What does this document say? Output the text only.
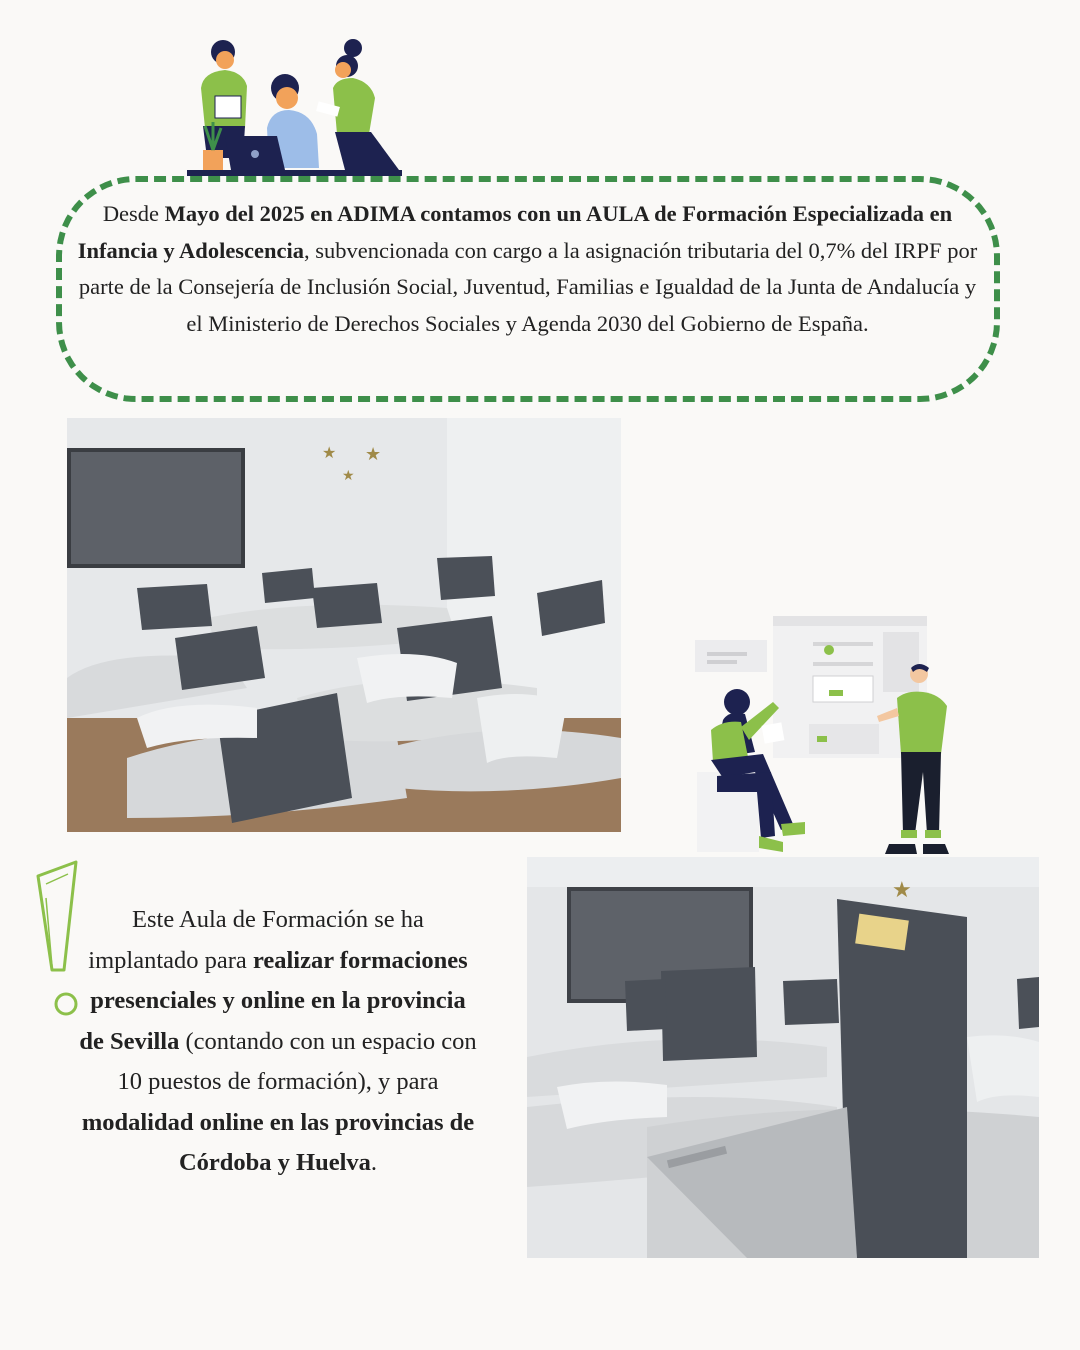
Desde Mayo del 2025 en ADIMA contamos con un AULA de Formación Especializada en Infancia y Adolescencia, subvencionada con cargo a la asignación tributaria del 0,7% del IRPF por parte de la Consejería de Inclusión Social, Juventud, Familias e Igualdad de la Junta de Andalucía y el Ministerio de Derechos Sociales y Agenda 2030 del Gobierno de España.
★ ★
★
Este Aula de Formación se ha implantado para realizar formaciones presenciales y online en la provincia de Sevilla (contando con un espacio con 10 puestos de formación), y para modalidad online en las provincias de Córdoba y Huelva.
★
